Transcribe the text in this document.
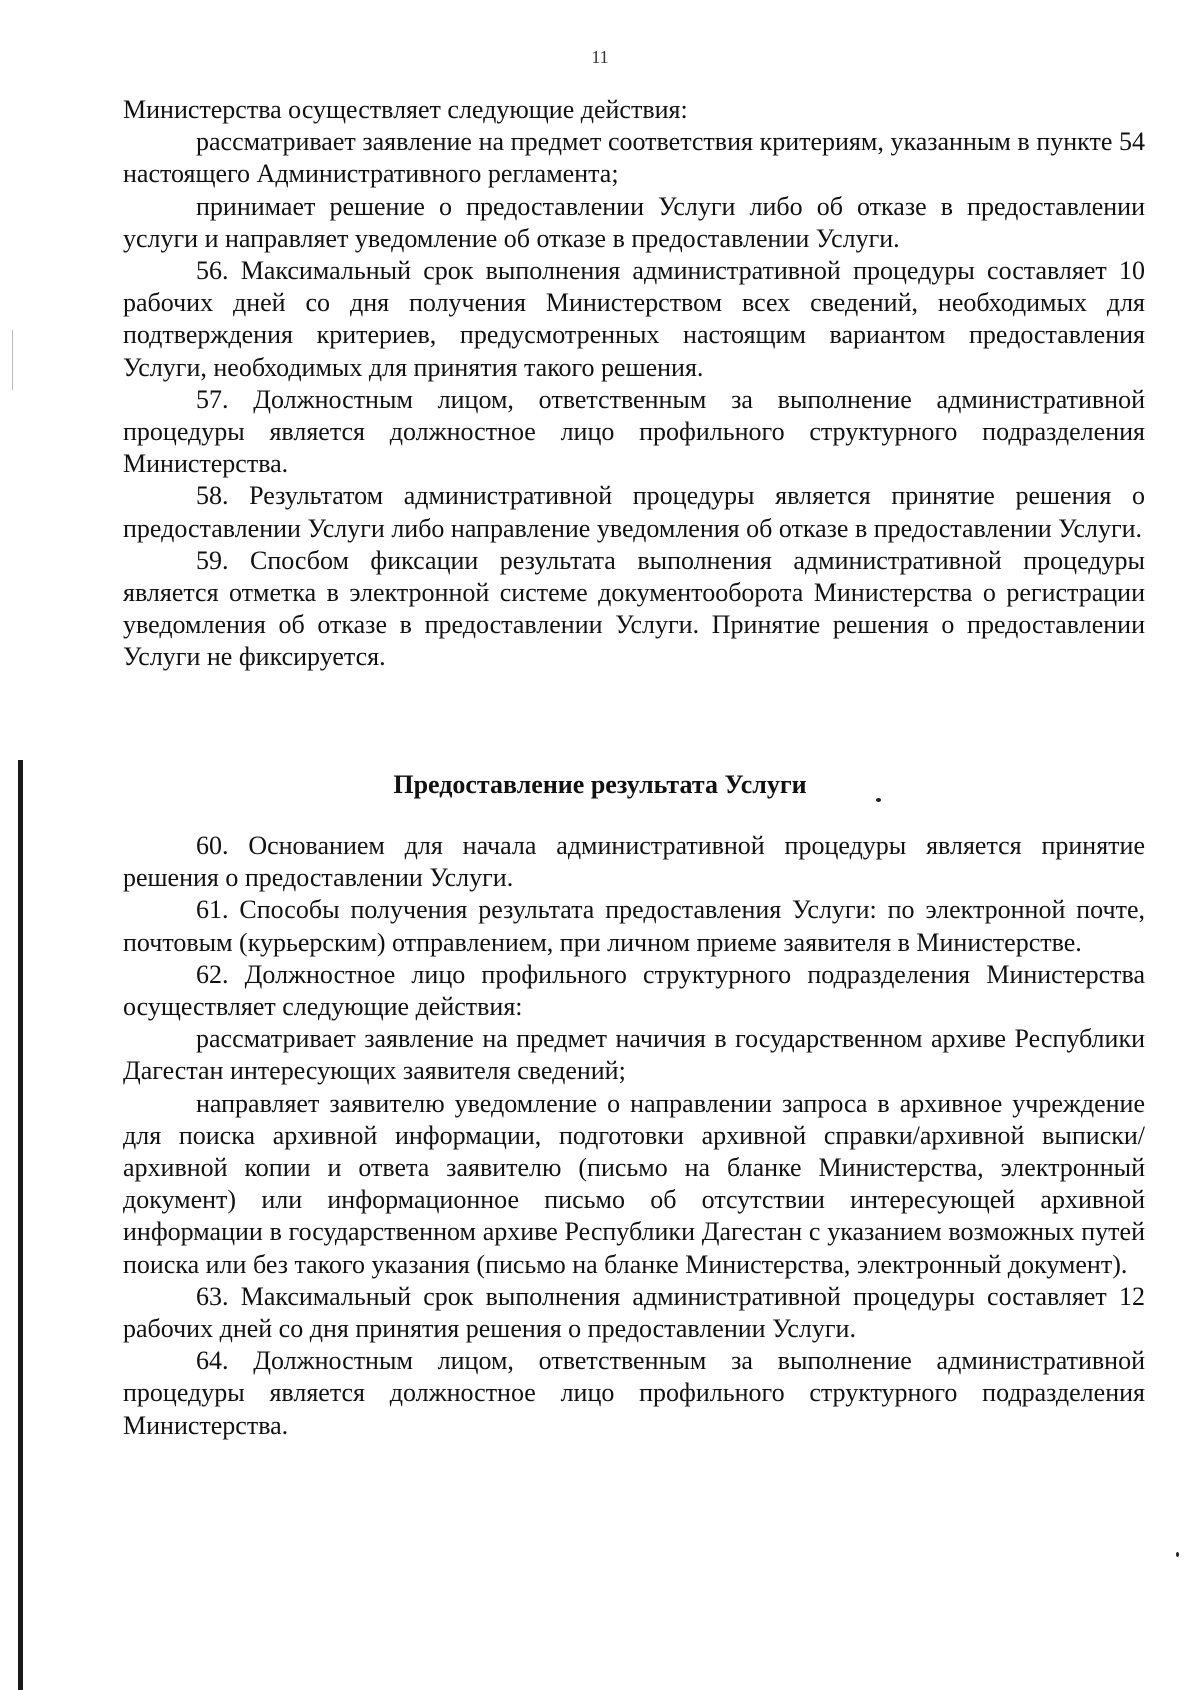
11

Министерства осуществляет следующие действия:

рассматривает заявление на предмет соответствия критериям, указанным в пункте 54 настоящего Административного регламента;

принимает решение о предоставлении Услуги либо об отказе в предоставлении услуги и направляет уведомление об отказе в предоставлении Услуги.

56. Максимальный срок выполнения административной процедуры составляет 10 рабочих дней со дня получения Министерством всех сведений, необходимых для подтверждения критериев, предусмотренных настоящим вариантом предоставления Услуги, необходимых для принятия такого решения.

57. Должностным лицом, ответственным за выполнение административной процедуры является должностное лицо профильного структурного подразделения Министерства.

58. Результатом административной процедуры является принятие решения о предоставлении Услуги либо направление уведомления об отказе в предоставлении Услуги.

59. Спосбом фиксации результата выполнения административной процедуры является отметка в электронной системе документооборота Министерства о регистрации уведомления об отказе в предоставлении Услуги. Принятие решения о предоставлении Услуги не фиксируется.

Предоставление результата Услуги

60. Основанием для начала административной процедуры является принятие решения о предоставлении Услуги.

61. Способы получения результата предоставления Услуги: по электронной почте, почтовым (курьерским) отправлением, при личном приеме заявителя в Министерстве.

62. Должностное лицо профильного структурного подразделения Министерства осуществляет следующие действия:

рассматривает заявление на предмет начичия в государственном архиве Республики Дагестан интересующих заявителя сведений;

направляет заявителю уведомление о направлении запроса в архивное учреждение для поиска архивной информации, подготовки архивной справки/архивной выписки/архивной копии и ответа заявителю (письмо на бланке Министерства, электронный документ) или информационное письмо об отсутствии интересующей архивной информации в государственном архиве Республики Дагестан с указанием возможных путей поиска или без такого указания (письмо на бланке Министерства, электронный документ).

63. Максимальный срок выполнения административной процедуры составляет 12 рабочих дней со дня принятия решения о предоставлении Услуги.

64. Должностным лицом, ответственным за выполнение административной процедуры является должностное лицо профильного структурного подразделения Министерства.
